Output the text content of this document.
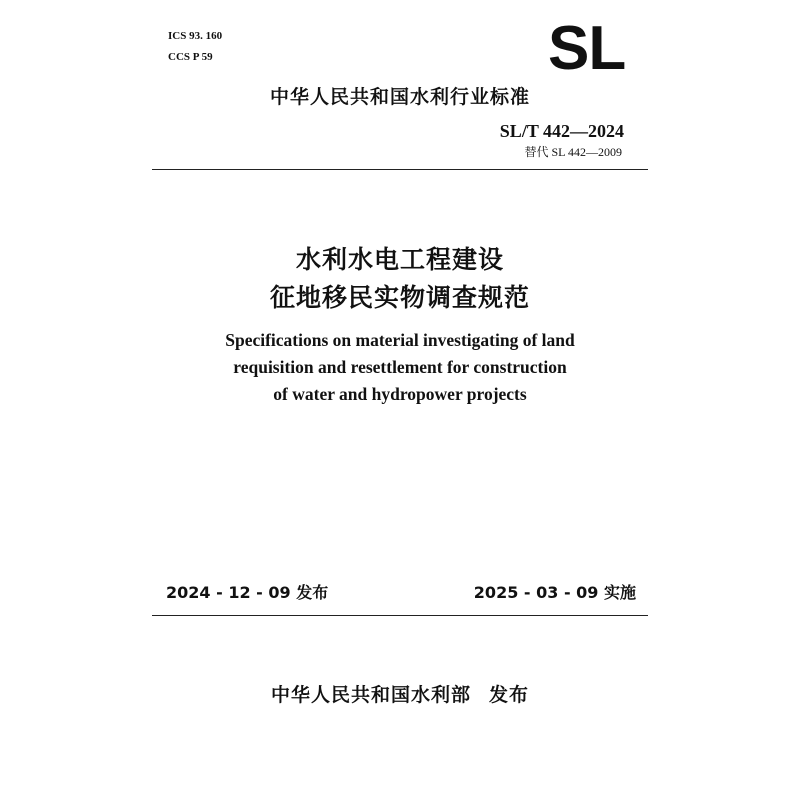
ICS 93. 160
CCS P 59	SL
中华人民共和国水利行业标准
SL/T 442—2024
替代 SL 442—2009
水利水电工程建设
征地移民实物调查规范
Specifications on material investigating of land
requisition and resettlement for construction
of water and hydropower projects
2024 - 12 - 09 发布	2025 - 03 - 09 实施
中华人民共和国水利部 发布
